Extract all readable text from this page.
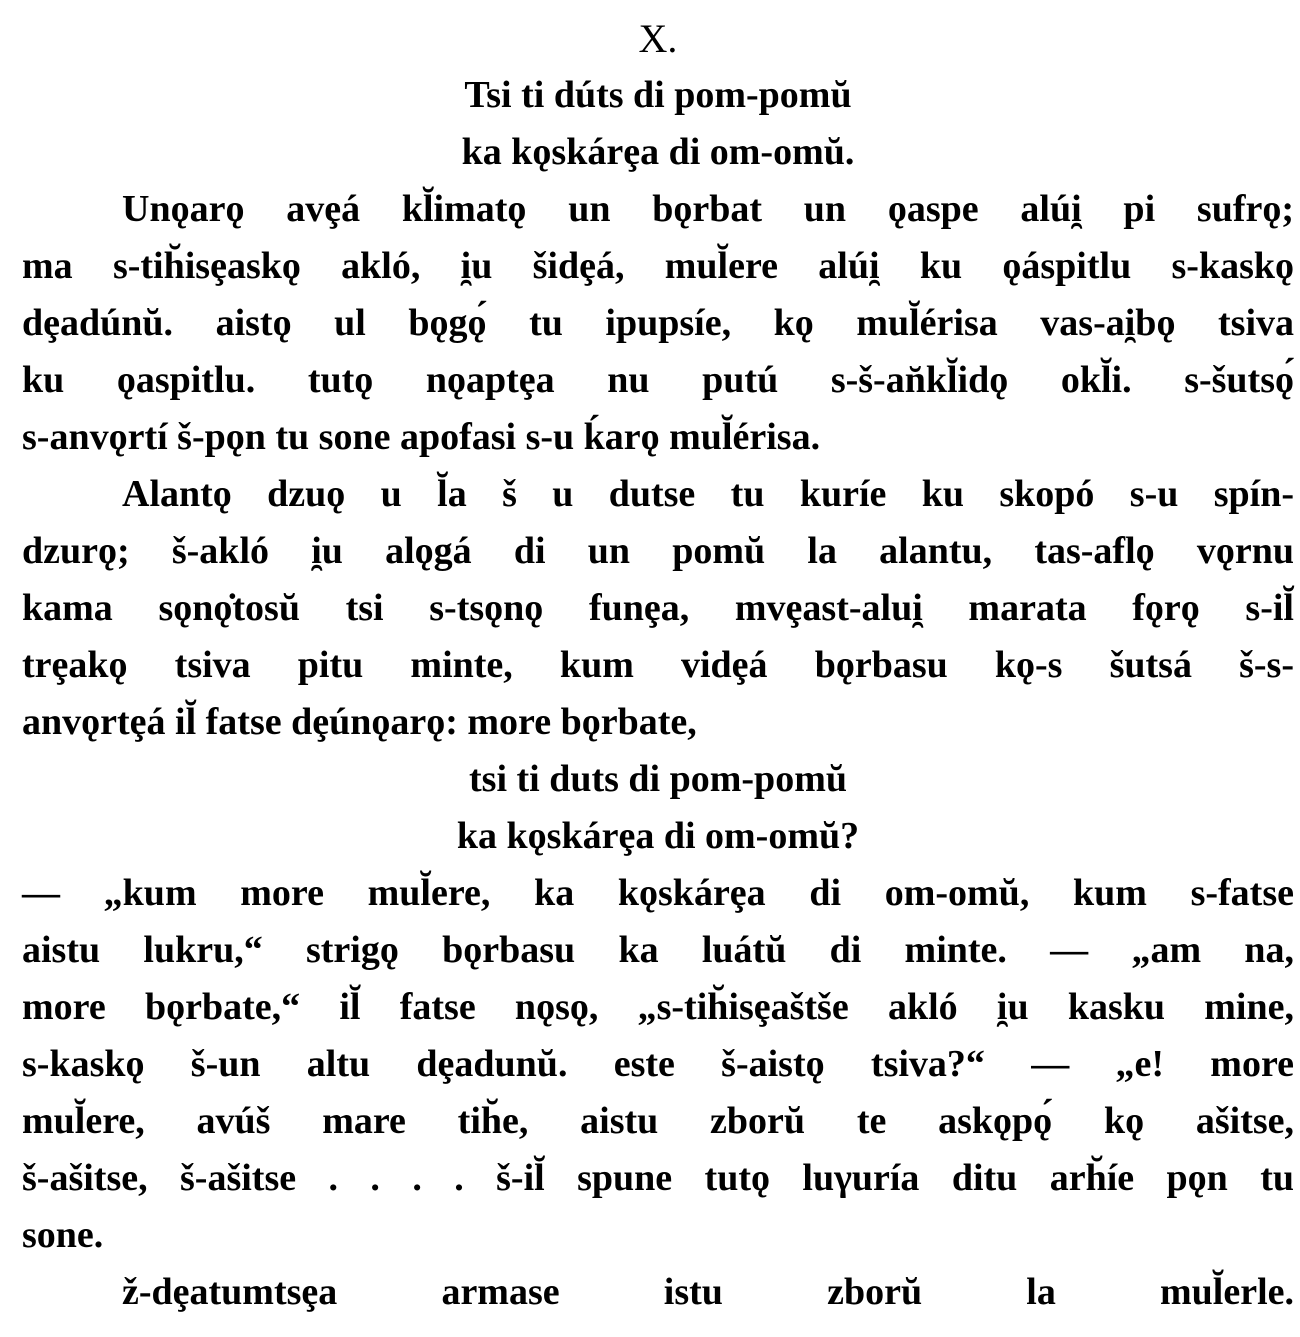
X.
Tsi ti dúts di pom-pomŭ
ka kǫskárȩa di om-omŭ.
Unǫarǫ avȩá kl̆imatǫ un bǫrbat un ǫaspe alúi̯ pi sufrǫ;
ma s-tih̆isȩaskǫ akló, i̯u šidȩá, mul̆ere alúi̯ ku ǫáspitlu s-kaskǫ
dȩadúnŭ. aistǫ ul bǫgǫ́ tu ipupsíe, kǫ mul̆érisa vas-ai̯bǫ tsiva
ku ǫaspitlu. tutǫ nǫaptȩa nu putú s-š-an̆kl̆idǫ okl̆i. s-šutsǫ́
s-anvǫrtí š-pǫn tu sone apofasi s-u ḱarǫ mul̆érisa.
Alantǫ dzuǫ u l̆a š u dutse tu kuríe ku skopó s-u spín-
dzurǫ; š-akló i̯u alǫgá di un pomŭ la alantu, tas-aflǫ vǫrnu
kama sǫnǫ̇tosŭ tsi s-tsǫnǫ funȩa, mvȩast-alui̯ marata fǫrǫ s-il̆
trȩakǫ tsiva pitu minte, kum vidȩá bǫrbasu kǫ-s šutsá š-s-
anvǫrtȩá il̆ fatse dȩúnǫarǫ: more bǫrbate,
tsi ti duts di pom-pomŭ
ka kǫskárȩa di om-omŭ?
— „kum more mul̆ere, ka kǫskárȩa di om-omŭ, kum s-fatse
aistu lukru,“ strigǫ bǫrbasu ka luátŭ di minte. — „am na,
more bǫrbate,“ il̆ fatse nǫsǫ, „s-tih̆isȩaštše akló i̯u kasku mine,
s-kaskǫ š-un altu dȩadunŭ. este š-aistǫ tsiva?“ — „e! more
mul̆ere, avúš mare tih̆e, aistu zborŭ te askǫpǫ́ kǫ ašitse,
š-ašitse, š-ašitse . . . . š-il̆ spune tutǫ luγuría ditu arh̆íe pǫn tu
sone.
ž-dȩatumtsȩa armase istu zborŭ la mul̆erle.
